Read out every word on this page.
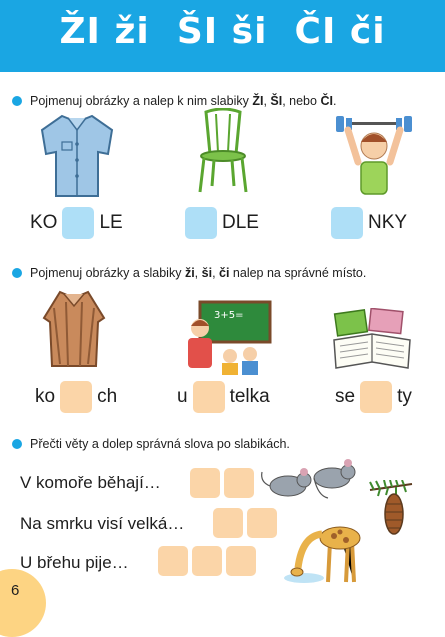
ŽI ži  ŠI ši  ČI či
Pojmenuj obrázky a nalep k nim slabiky ŽI, ŠI, nebo ČI.
KO LE	DLE	NKY
Pojmenuj obrázky a slabiky ži, ši, či nalep na správné místo.
3+5=
ko ch	u telka	se ty
Přečti věty a dolep správná slova po slabikách.
V komoře běhají…
Na smrku visí velká…
U břehu pije…
6
